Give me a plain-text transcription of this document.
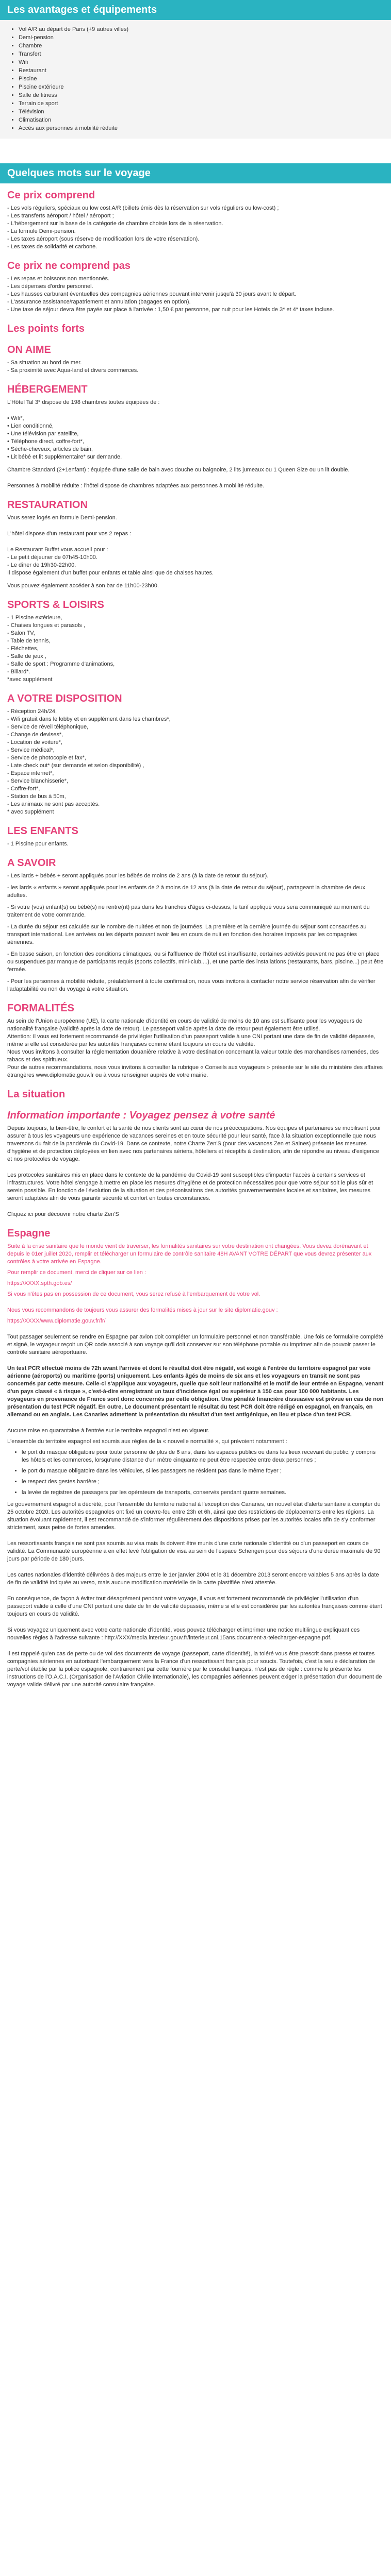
Les avantages et équipements
• Vol A/R au départ de Paris (+9 autres villes)
• Demi-pension
• Chambre
• Transfert
• Wifi
• Restaurant
• Piscine
• Piscine extérieure
• Salle de fitness
• Terrain de sport
• Télévision
• Climatisation
• Accès aux personnes à mobilité réduite
Quelques mots sur le voyage
Ce prix comprend

- Les vols réguliers, spéciaux ou low cost A/R (billets émis dès la réservation sur vols réguliers ou low-cost) ;

- Les transferts aéroport / hôtel / aéroport ;

- L'hébergement sur la base de la catégorie de chambre choisie lors de la réservation.

- La formule Demi-pension.

- Les taxes aéroport (sous réserve de modification lors de votre réservation).

- Les taxes de solidarité et carbone.

Ce prix ne comprend pas

- Les repas et boissons non mentionnés.

- Les dépenses d'ordre personnel.

- Les hausses carburant éventuelles des compagnies aériennes pouvant intervenir jusqu'à 30 jours avant le départ.

- L'assurance assistance/rapatriement et annulation (bagages en option).

- Une taxe de séjour devra être payée sur place à l'arrivée : 1,50 € par personne, par nuit pour les Hotels de 3* et 4* taxes incluse.

Les points forts
ON AIME

- Sa situation au bord de mer.

- Sa proximité avec Aqua-land et divers commerces.

HÉBERGEMENT

L'Hôtel Tal 3* dispose de 198 chambres toutes équipées de :

• Wifi*,

• Lien conditionné,

• Une télévision par satellite,

• Téléphone direct, coffre-fort*,

• Sèche-cheveux, articles de bain,

• Lit bébé et lit supplémentaire* sur demande.

Chambre Standard (2+1enfant) : équipée d'une salle de bain avec douche ou baignoire, 2 lits jumeaux ou 1 Queen Size ou un lit double.

Personnes à mobilité réduite : l'hôtel dispose de chambres adaptées aux personnes à mobilité réduite.

RESTAURATION

Vous serez logés en formule Demi-pension.

L'hôtel dispose d'un restaurant pour vos 2 repas :

Le Restaurant Buffet vous accueil pour :

- Le petit déjeuner de 07h45-10h00.

- Le dîner de 19h30-22h00.

Il dispose également d'un buffet pour enfants et table ainsi que de chaises hautes.

Vous pouvez également accéder à son bar de 11h00-23h00.

SPORTS & LOISIRS

- 1 Piscine extérieure,

- Chaises longues et parasols ,

- Salon TV,

- Table de tennis,

- Fléchettes,

- Salle de jeux ,

- Salle de sport : Programme d'animations,

- Billard*.

*avec supplément

A VOTRE DISPOSITION

- Réception 24h/24,

- Wifi gratuit dans le lobby et en supplément dans les chambres*,

- Service de réveil téléphonique,

- Change de devises*,

- Location de voiture*,

- Service médical*,

- Service de photocopie et fax*,

- Late check out* (sur demande et selon disponibilité) ,

- Espace internet*,

- Service blanchisserie*,

- Coffre-fort*,

- Station de bus à 50m,

- Les animaux ne sont pas acceptés.

* avec supplément

LES ENFANTS

- 1 Piscine pour enfants.

A SAVOIR

- Les lards + bébés + seront appliqués pour les bébés de moins de 2 ans (à la date de retour du séjour).

- les lards « enfants » seront appliqués pour les enfants de 2 à moins de 12 ans (à la date de retour du séjour), partageant la chambre de deux adultes.

- Si votre (vos) enfant(s) ou bébé(s) ne rentre(nt) pas dans les tranches d'âges ci-dessus, le tarif appliqué vous sera communiqué au moment du traitement de votre commande.

- La durée du séjour est calculée sur le nombre de nuitées et non de journées. La première et la dernière journée du séjour sont consacrées au transport international. Les arrivées ou les départs pouvant avoir lieu en cours de nuit en fonction des horaires imposés par les compagnies aériennes.

- En basse saison, en fonction des conditions climatiques, ou si l'affluence de l'hôtel est insuffisante, certaines activités peuvent ne pas être en place ou suspendues par manque de participants requis (sports collectifs, mini-club,...), et une partie des installations (restaurants, bars, piscine...) peut être fermée.

- Pour les personnes à mobilité réduite, préalablement à toute confirmation, nous vous invitons à contacter notre service réservation afin de vérifier l'adaptabilité ou non du voyage à votre situation.

FORMALITÉS

Au sein de l'Union européenne (UE), la carte nationale d'identité en cours de validité de moins de 10 ans est suffisante pour les voyageurs de nationalité française (validité après la date de retour). Le passeport valide après la date de retour peut également être utilisé.

Attention: Il vous est fortement recommandé de privilégier l'utilisation d'un passeport valide à une CNI portant une date de fin de validité dépassée, même si elle est considérée par les autorités françaises comme étant toujours en cours de validité.

Nous vous invitons à consulter la réglementation douanière relative à votre destination concernant la valeur totale des marchandises ramenées, des tabacs et des spiritueux.

Pour de autres recommandations, nous vous invitons à consulter la rubrique « Conseils aux voyageurs » présente sur le site du ministère des affaires étrangères www.diplomatie.gouv.fr ou à vous renseigner auprès de votre mairie.

La situation
Information importante : Voyagez pensez à votre santé

Depuis toujours, la bien-être, le confort et la santé de nos clients sont au cœur de nos préoccupations. Nos équipes et partenaires se mobilisent pour assurer à tous les voyageurs une expérience de vacances sereines et en toute sécurité pour leur santé, face à la situation exceptionnelle que nous traversons du fait de la pandémie du Covid-19. Dans ce contexte, notre Charte Zen'S (pour des vacances Zen et Saines) présente les mesures d'hygiène et de protection déployées en lien avec nos partenaires aériens, hôteliers et réceptifs à destination, afin de répondre au niveau d'exigence et nos protocoles de voyage.

Les protocoles sanitaires mis en place dans le contexte de la pandémie du Covid-19 sont susceptibles d'impacter l'accès à certains services et infrastructures. Votre hôtel s'engage à mettre en place les mesures d'hygiène et de protection nécessaires pour que votre séjour soit le plus sûr et serein possible. En fonction de l'évolution de la situation et des préconisations des autorités gouvernementales locales et sanitaires, les mesures seront adaptées afin de vous garantir sécurité et confort en toutes circonstances.

Cliquez ici pour découvrir notre charte Zen'S

Espagne

Suite à la crise sanitaire que le monde vient de traverser, les formalités sanitaires sur votre destination ont changées. Vous devez dorénavant et depuis le 01er juillet 2020, remplir et télécharger un formulaire de contrôle sanitaire 48H AVANT VOTRE DÉPART que vous devrez présenter aux contrôles à votre arrivée en Espagne.

Pour remplir ce document, merci de cliquer sur ce lien :

https://XXXX.spth.gob.es/

Si vous n'êtes pas en possession de ce document, vous serez refusé à l'embarquement de votre vol.

Nous vous recommandons de toujours vous assurer des formalités mises à jour sur le site diplomatie.gouv :

https://XXXX/www.diplomatie.gouv.fr/fr/

Tout passager seulement se rendre en Espagne par avion doit compléter un formulaire personnel et non transférable. Une fois ce formulaire complété et signé, le voyageur reçoit un QR code associé à son voyage qu'il doit conserver sur son téléphone portable ou imprimer afin de pouvoir passer le contrôle sanitaire aéroportuaire.

Un test PCR effectué moins de 72h avant l'arrivée et dont le résultat doit être négatif, est exigé à l'entrée du territoire espagnol par voie aérienne (aéroports) ou maritime (ports) uniquement. Les enfants âgés de moins de six ans et les voyageurs en transit ne sont pas concernés par cette mesure. Celle-ci s'applique aux voyageurs, quelle que soit leur nationalité et le motif de leur entrée en Espagne, venant d'un pays classé « à risque », c'est-à-dire enregistrant un taux d'incidence égal ou supérieur à 150 cas pour 100 000 habitants. Les voyageurs en provenance de France sont donc concernés par cette obligation. Une pénalité financière dissuasive est prévue en cas de non présentation du test PCR négatif. En outre, Le document présentant le résultat du test PCR doit être rédigé en espagnol, en français, en allemand ou en anglais. Les Canaries admettent la présentation du résultat d'un test antigénique, en lieu et place d'un test PCR.

Aucune mise en quarantaine à l'entrée sur le territoire espagnol n'est en vigueur.

L'ensemble du territoire espagnol est soumis aux règles de la « nouvelle normalité », qui prévoient notamment :

• le port du masque obligatoire pour toute personne de plus de 6 ans, dans les espaces publics ou dans les lieux recevant du public, y compris les hôtels et les commerces, lorsqu'une distance d'un mètre cinquante ne peut être respectée entre deux personnes ;
• le port du masque obligatoire dans les véhicules, si les passagers ne résident pas dans le même foyer ;
• le respect des gestes barrière ;
• la levée de registres de passagers par les opérateurs de transports, conservés pendant quatre semaines.

Le gouvernement espagnol a décrété, pour l'ensemble du territoire national à l'exception des Canaries, un nouvel état d'alerte sanitaire à compter du 25 octobre 2020. Les autorités espagnoles ont fixé un couvre-feu entre 23h et 6h, ainsi que des restrictions de déplacements entre les régions. La situation évoluant rapidement, il est recommandé de s'informer régulièrement des dispositions prises par les autorités locales afin de s'y conformer strictement, sous peine de fortes amendes.

Les ressortissants français ne sont pas soumis au visa mais ils doivent être munis d'une carte nationale d'identité ou d'un passeport en cours de validité. La Communauté européenne a en effet levé l'obligation de visa au sein de l'espace Schengen pour des séjours d'une durée maximale de 90 jours par période de 180 jours.

Les cartes nationales d'identité délivrées à des majeurs entre le 1er janvier 2004 et le 31 décembre 2013 seront encore valables 5 ans après la date de fin de validité indiquée au verso, mais aucune modification matérielle de la carte plastifiée n'est attestée.

En conséquence, de façon à éviter tout désagrément pendant votre voyage, il vous est fortement recommandé de privilégier l'utilisation d'un passeport valide à celle d'une CNI portant une date de fin de validité dépassée, même si elle est considérée par les autorités françaises comme étant toujours en cours de validité.

Si vous voyagez uniquement avec votre carte nationale d'identité, vous pouvez télécharger et imprimer une notice multilingue expliquant ces nouvelles règles à l'adresse suivante : http://XXX/media.interieur.gouv.fr/interieur.cni.15ans.document-a-telecharger-espagne.pdf.

Il est rappelé qu'en cas de perte ou de vol des documents de voyage (passeport, carte d'identité), la toléré vous être prescrit dans presse et toutes compagnies aériennes en autorisant l'embarquement vers la France d'un ressortissant français pour soucis. Toutefois, c'est la seule déclaration de perte/vol établie par la police espagnole, contrairement par cette fourrière par le consulat français, n'est pas de régle : comme le présente les instructions de l'O.A.C.I. (Organisation de l'Aviation Civile Internationale), les compagnies aériennes peuvent exiger la présentation d'un document de voyage valide délivré par une autorité consulaire française.
